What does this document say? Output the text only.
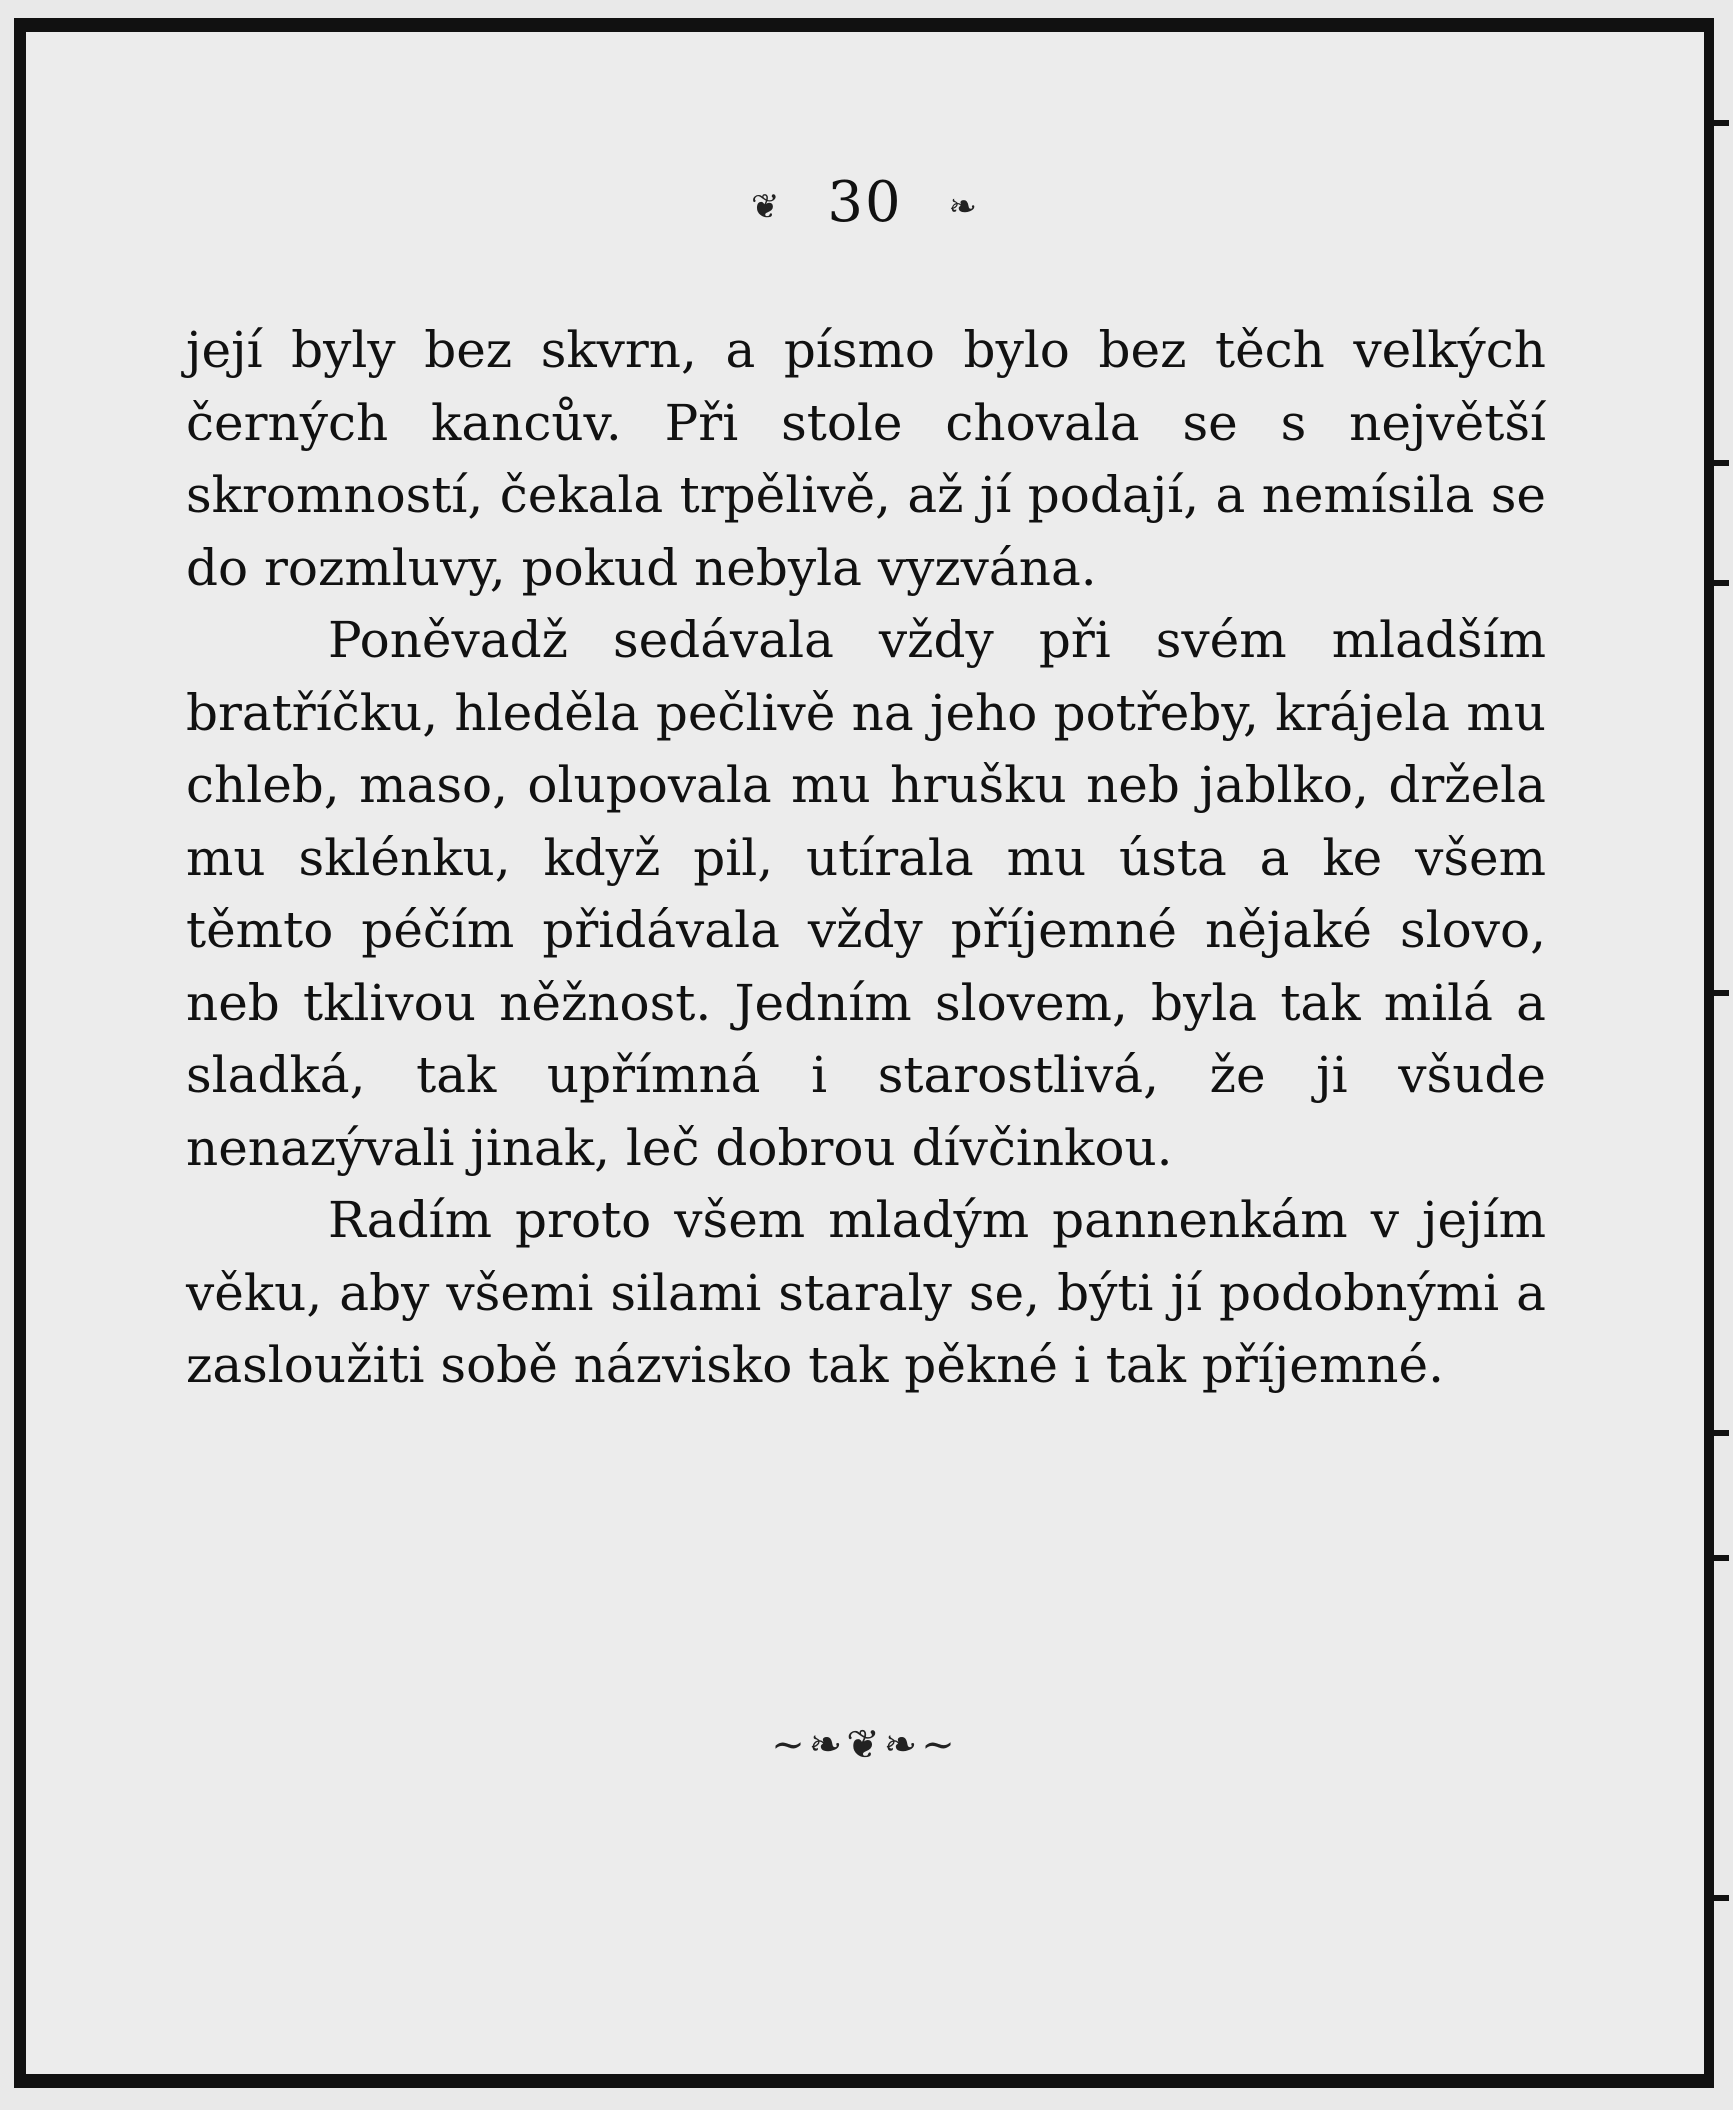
❦ 30 ❧

její byly bez skvrn, a písmo bylo bez těch velkých černých kancův. Při stole chovala se s největší skromností, čekala trpělivě, až jí podají, a nemísila se do rozmluvy, pokud nebyla vyzvána.

Poněvadž sedávala vždy při svém mladším bratříčku, hleděla pečlivě na jeho potřeby, krájela mu chleb, maso, olupovala mu hrušku neb jablko, držela mu sklénku, když pil, utírala mu ústa a ke všem těmto péčím přidávala vždy příjemné nějaké slovo, neb tklivou něžnost. Jedním slovem, byla tak milá a sladká, tak upřímná i starostlivá, že ji všude nenazývali jinak, leč dobrou dívčinkou.

Radím proto všem mladým pannenkám v jejím věku, aby všemi silami staraly se, býti jí podobnými a zasloužiti sobě názvisko tak pěkné i tak příjemné.

~❧❦❧~
